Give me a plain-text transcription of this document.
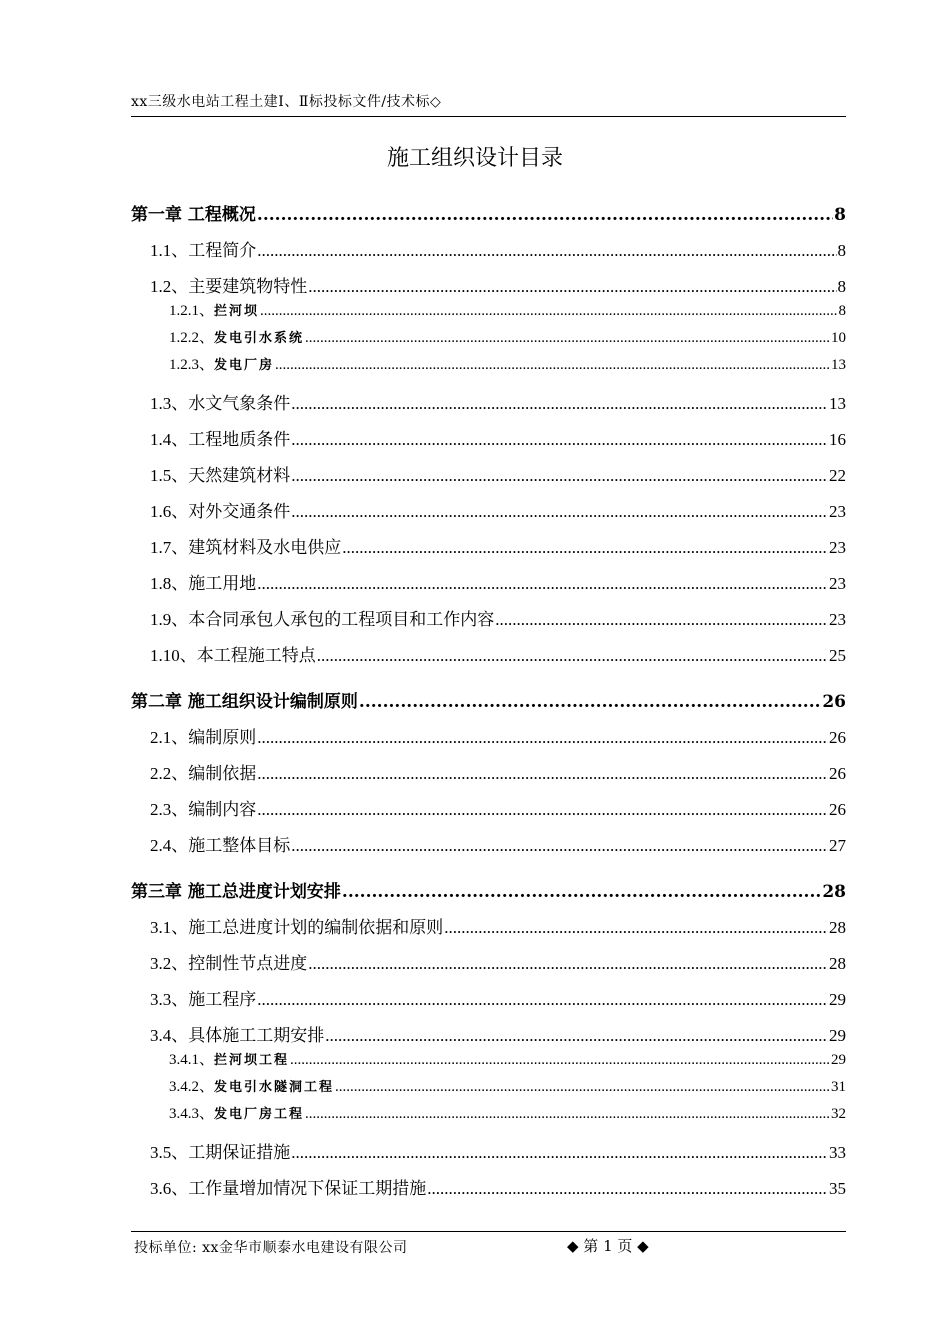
xx三级水电站工程土建Ⅰ、Ⅱ标投标文件/技术标◇
施工组织设计目录
第一章 工程概况 .....	8
1.1、工程简介 .....	8
1.2、主要建筑物特性 .....	8
1.2.1、拦河坝 .....	8
1.2.2、发电引水系统 .....	10
1.2.3、发电厂房 .....	13
1.3、水文气象条件 .....	13
1.4、工程地质条件 .....	16
1.5、天然建筑材料 .....	22
1.6、对外交通条件 .....	23
1.7、建筑材料及水电供应 .....	23
1.8、施工用地 .....	23
1.9、本合同承包人承包的工程项目和工作内容 .....	23
1.10、本工程施工特点 .....	25
第二章 施工组织设计编制原则 .....	26
2.1、编制原则 .....	26
2.2、编制依据 .....	26
2.3、编制内容 .....	26
2.4、施工整体目标 .....	27
第三章 施工总进度计划安排 .....	28
3.1、施工总进度计划的编制依据和原则 .....	28
3.2、控制性节点进度 .....	28
3.3、施工程序 .....	29
3.4、具体施工工期安排 .....	29
3.4.1、拦河坝工程 .....	29
3.4.2、发电引水隧洞工程 .....	31
3.4.3、发电厂房工程 .....	32
3.5、工期保证措施 .....	33
3.6、工作量增加情况下保证工期措施 .....	35
投标单位: xx金华市顺泰水电建设有限公司	◆ 第 1 页 ◆
